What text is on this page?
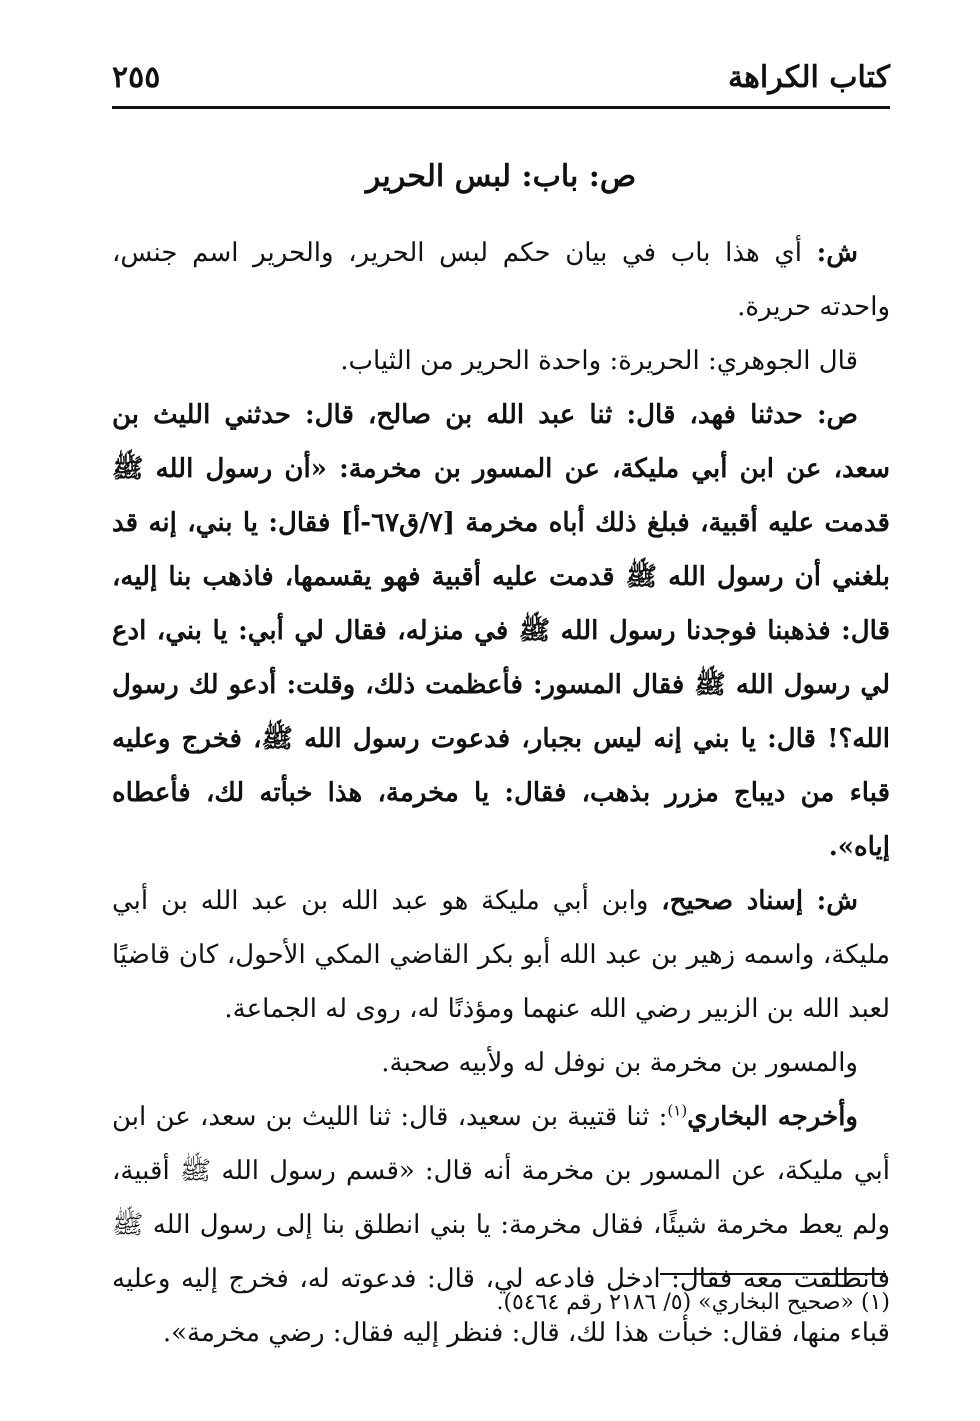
كتاب الكراهة
٢٥٥
ص: باب: لبس الحرير

ش: أي هذا باب في بيان حكم لبس الحرير، والحرير اسم جنس، واحدته حريرة.

قال الجوهري: الحريرة: واحدة الحرير من الثياب.

ص: حدثنا فهد، قال: ثنا عبد الله بن صالح، قال: حدثني الليث بن سعد، عن ابن أبي مليكة، عن المسور بن مخرمة: «أن رسول الله ﷺ قدمت عليه أقبية، فبلغ ذلك أباه مخرمة [٧/ق٦٧-أ] فقال: يا بني، إنه قد بلغني أن رسول الله ﷺ قدمت عليه أقبية فهو يقسمها، فاذهب بنا إليه، قال: فذهبنا فوجدنا رسول الله ﷺ في منزله، فقال لي أبي: يا بني، ادع لي رسول الله ﷺ فقال المسور: فأعظمت ذلك، وقلت: أدعو لك رسول الله؟! قال: يا بني إنه ليس بجبار، فدعوت رسول الله ﷺ، فخرج وعليه قباء من ديباج مزرر بذهب، فقال: يا مخرمة، هذا خبأته لك، فأعطاه إياه».

ش: إسناد صحيح، وابن أبي مليكة هو عبد الله بن عبد الله بن أبي مليكة، واسمه زهير بن عبد الله أبو بكر القاضي المكي الأحول، كان قاضيًا لعبد الله بن الزبير رضي الله عنهما ومؤذنًا له، روى له الجماعة.

والمسور بن مخرمة بن نوفل له ولأبيه صحبة.

وأخرجه البخاري$^{(١)}$: ثنا قتيبة بن سعيد، قال: ثنا الليث بن سعد، عن ابن أبي مليكة، عن المسور بن مخرمة أنه قال: «قسم رسول الله ﷺ أقبية، ولم يعط مخرمة شيئًا، فقال مخرمة: يا بني انطلق بنا إلى رسول الله ﷺ فانطلقت معه فقال: ادخل فادعه لي، قال: فدعوته له، فخرج إليه وعليه قباء منها، فقال: خبأت هذا لك، قال: فنظر إليه فقال: رضي مخرمة».

(١) «صحيح البخاري» (٥/ ٢١٨٦ رقم ٥٤٦٤).
